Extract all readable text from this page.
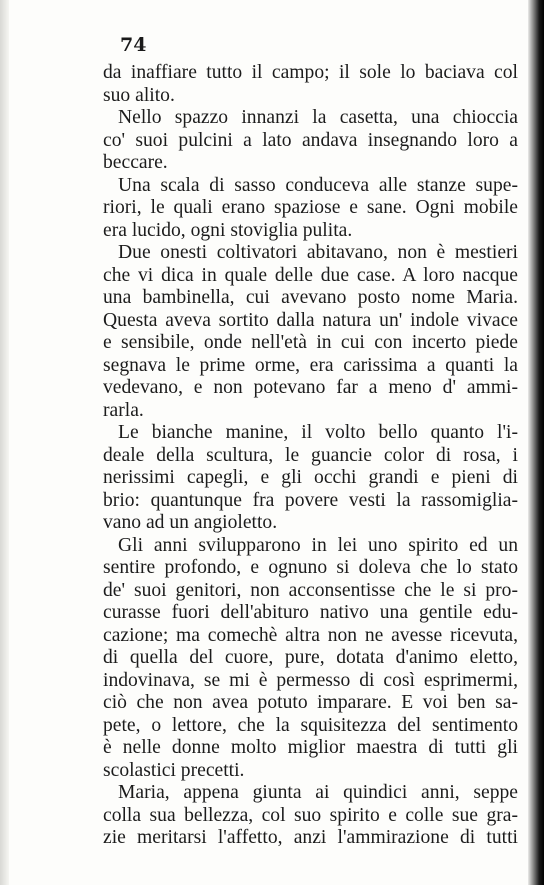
74
da inaffiare tutto il campo; il sole lo baciava col
suo alito.
Nello spazzo innanzi la casetta, una chioccia
co' suoi pulcini a lato andava insegnando loro a
beccare.
Una scala di sasso conduceva alle stanze supe-
riori, le quali erano spaziose e sane. Ogni mobile
era lucido, ogni stoviglia pulita.
Due onesti coltivatori abitavano, non è mestieri
che vi dica in quale delle due case. A loro nacque
una bambinella, cui avevano posto nome Maria.
Questa aveva sortito dalla natura un' indole vivace
e sensibile, onde nell'età in cui con incerto piede
segnava le prime orme, era carissima a quanti la
vedevano, e non potevano far a meno d' ammi-
rarla.
Le bianche manine, il volto bello quanto l'i-
deale della scultura, le guancie color di rosa, i
nerissimi capegli, e gli occhi grandi e pieni di
brio: quantunque fra povere vesti la rassomiglia-
vano ad un angioletto.
Gli anni svilupparono in lei uno spirito ed un
sentire profondo, e ognuno si doleva che lo stato
de' suoi genitori, non acconsentisse che le si pro-
curasse fuori dell'abituro nativo una gentile edu-
cazione; ma comechè altra non ne avesse ricevuta,
di quella del cuore, pure, dotata d'animo eletto,
indovinava, se mi è permesso di così esprimermi,
ciò che non avea potuto imparare. E voi ben sa-
pete, o lettore, che la squisitezza del sentimento
è nelle donne molto miglior maestra di tutti gli
scolastici precetti.
Maria, appena giunta ai quindici anni, seppe
colla sua bellezza, col suo spirito e colle sue gra-
zie meritarsi l'affetto, anzi l'ammirazione di tutti
